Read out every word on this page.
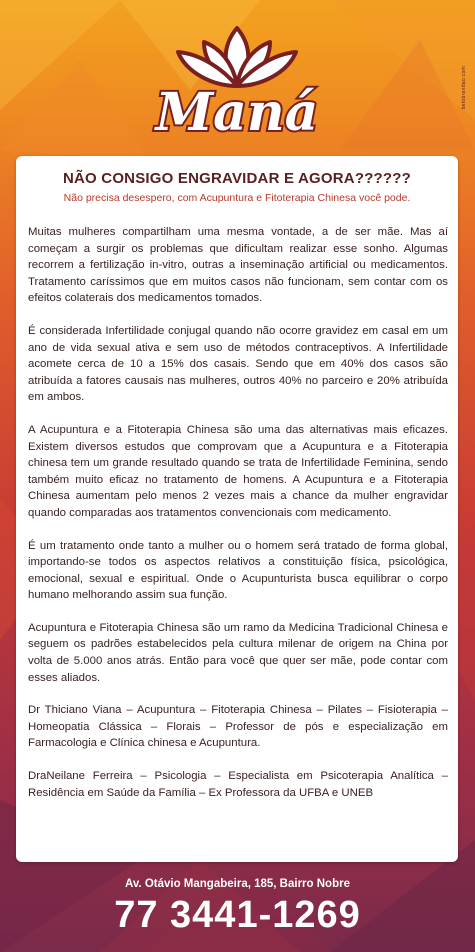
Maná	betobrandao.com
NÃO CONSIGO ENGRAVIDAR E AGORA??????

Não precisa desespero, com Acupuntura e Fitoterapia Chinesa você pode.

Muitas mulheres compartilham uma mesma vontade, a de ser mãe. Mas aí começam a surgir os problemas que dificultam realizar esse sonho. Algumas recorrem a fertilização in-vitro, outras a inseminação artificial ou medicamentos. Tratamento caríssimos que em muitos casos não funcionam, sem contar com os efeitos colaterais dos medicamentos tomados.

É considerada Infertilidade conjugal quando não ocorre gravidez em casal em um ano de vida sexual ativa e sem uso de métodos contraceptivos. A Infertilidade acomete cerca de 10 a 15% dos casais. Sendo que em 40% dos casos são atribuída a fatores causais nas mulheres, outros 40% no parceiro e 20% atribuída em ambos.

A Acupuntura e a Fitoterapia Chinesa são uma das alternativas mais eficazes. Existem diversos estudos que comprovam que a Acupuntura e a Fitoterapia chinesa tem um grande resultado quando se trata de Infertilidade Feminina, sendo também muito eficaz no tratamento de homens. A Acupuntura e a Fitoterapia Chinesa aumentam pelo menos 2 vezes mais a chance da mulher engravidar quando comparadas aos tratamentos convencionais com medicamento.

É um tratamento onde tanto a mulher ou o homem será tratado de forma global, importando-se todos os aspectos relativos a constituição física, psicológica, emocional, sexual e espiritual. Onde o Acupunturista busca equilibrar o corpo humano melhorando assim sua função.

Acupuntura e Fitoterapia Chinesa são um ramo da Medicina Tradicional Chinesa e seguem os padrões estabelecidos pela cultura milenar de origem na China por volta de 5.000 anos atrás. Então para você que quer ser mãe, pode contar com esses aliados.

Dr Thiciano Viana – Acupuntura – Fitoterapia Chinesa – Pilates – Fisioterapia –Homeopatia Clássica – Florais – Professor de pós e especialização em Farmacologia e Clínica chinesa e Acupuntura.

DraNeilane Ferreira – Psicologia – Especialista em Psicoterapia Analítica – Residência em Saúde da Família – Ex Professora da UFBA e UNEB

Av. Otávio Mangabeira, 185, Bairro Nobre

77 3441-1269
